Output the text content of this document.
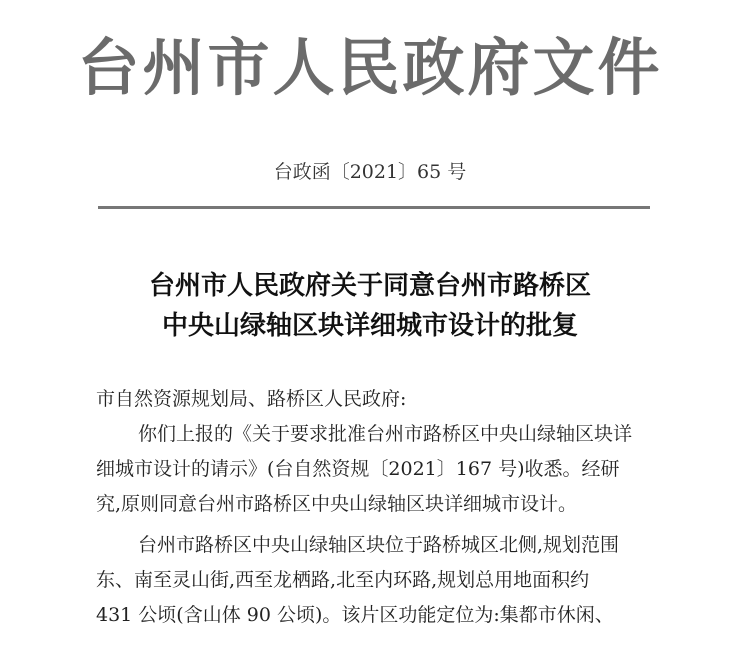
台州市人民政府文件
台政函〔2021〕65 号
台州市人民政府关于同意台州市路桥区
中央山绿轴区块详细城市设计的批复
市自然资源规划局、路桥区人民政府:
你们上报的《关于要求批准台州市路桥区中央山绿轴区块详
细城市设计的请示》(台自然资规〔2021〕167 号)收悉。经研
究,原则同意台州市路桥区中央山绿轴区块详细城市设计。
台州市路桥区中央山绿轴区块位于路桥城区北侧,规划范围
东、南至灵山街,西至龙栖路,北至内环路,规划总用地面积约
431 公顷(含山体 90 公顷)。该片区功能定位为:集都市休闲、
